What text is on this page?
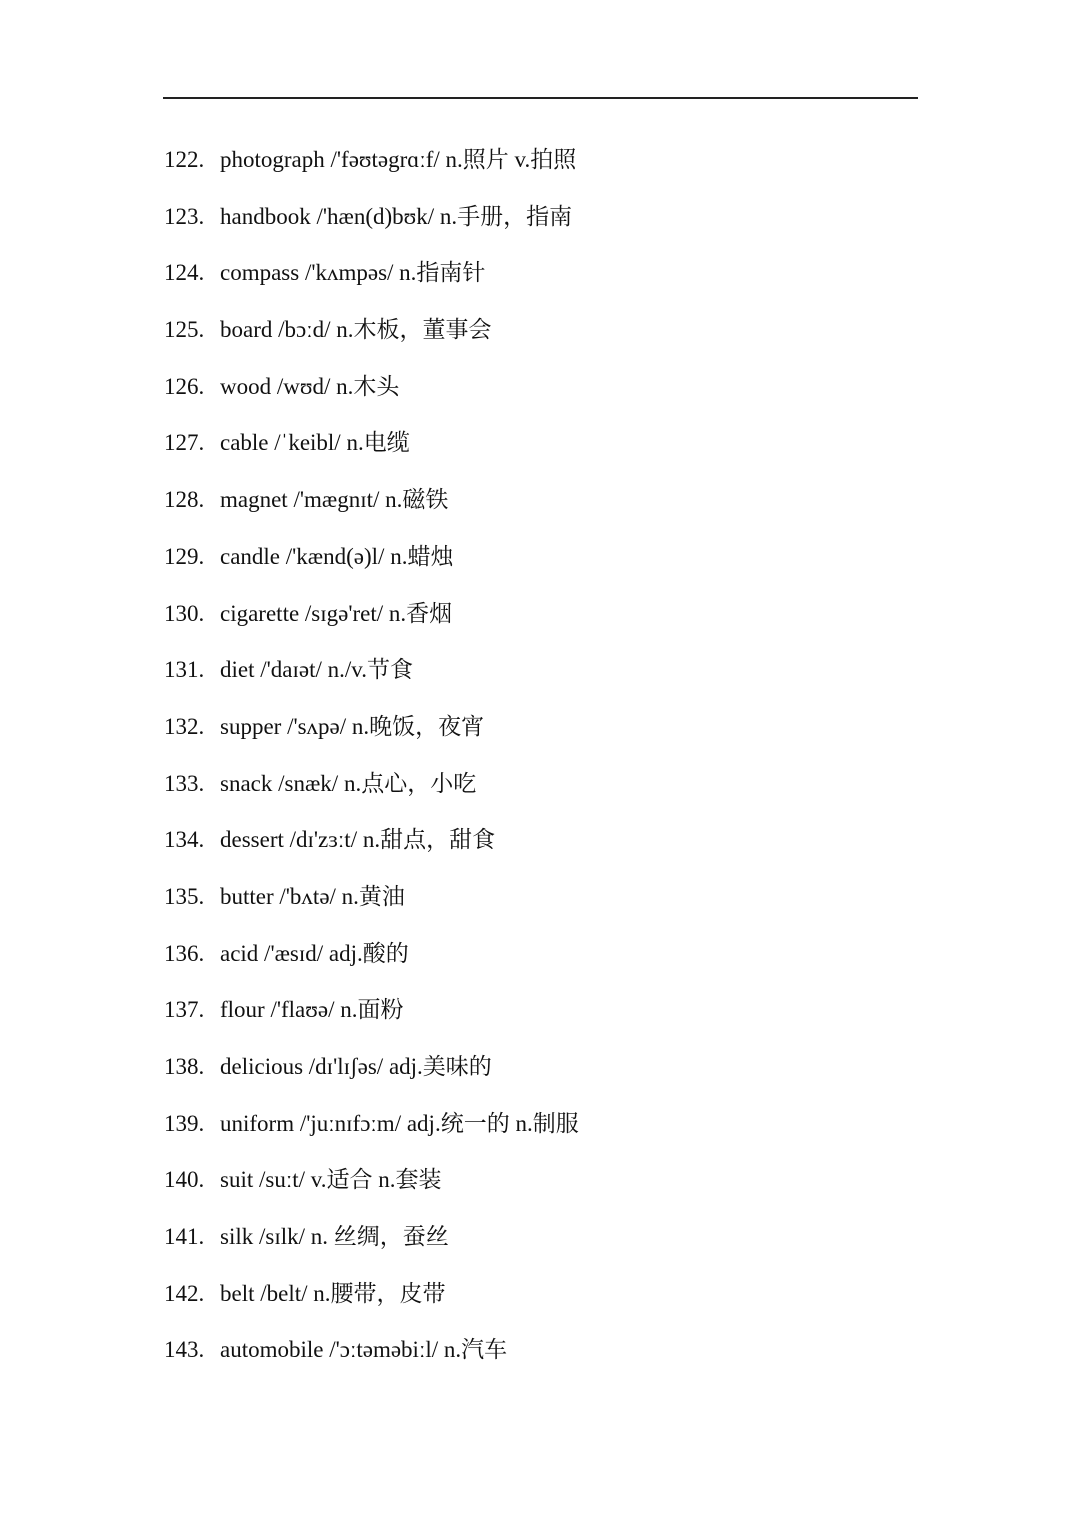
122. photograph /'fəʊtəgrɑːf/ n.照片 v.拍照
123. handbook /'hæn(d)bʊk/ n.手册，指南
124. compass /'kʌmpəs/ n.指南针
125. board /bɔːd/ n.木板，董事会
126. wood /wʊd/ n.木头
127. cable /ˈkeibl/ n.电缆
128. magnet /'mægnɪt/ n.磁铁
129. candle /'kænd(ə)l/ n.蜡烛
130. cigarette /sɪgə'ret/ n.香烟
131. diet /'daɪət/ n./v.节食
132. supper /'sʌpə/ n.晚饭，夜宵
133. snack /snæk/ n.点心，小吃
134. dessert /dɪ'zɜːt/ n.甜点，甜食
135. butter /'bʌtə/ n.黄油
136. acid /'æsɪd/ adj.酸的
137. flour /'flaʊə/ n.面粉
138. delicious /dɪ'lɪʃəs/ adj.美味的
139. uniform /'juːnɪfɔːm/ adj.统一的 n.制服
140. suit /suːt/ v.适合 n.套装
141. silk /sɪlk/ n. 丝绸，蚕丝
142. belt /belt/ n.腰带，皮带
143. automobile /'ɔːtəməbiːl/ n.汽车
